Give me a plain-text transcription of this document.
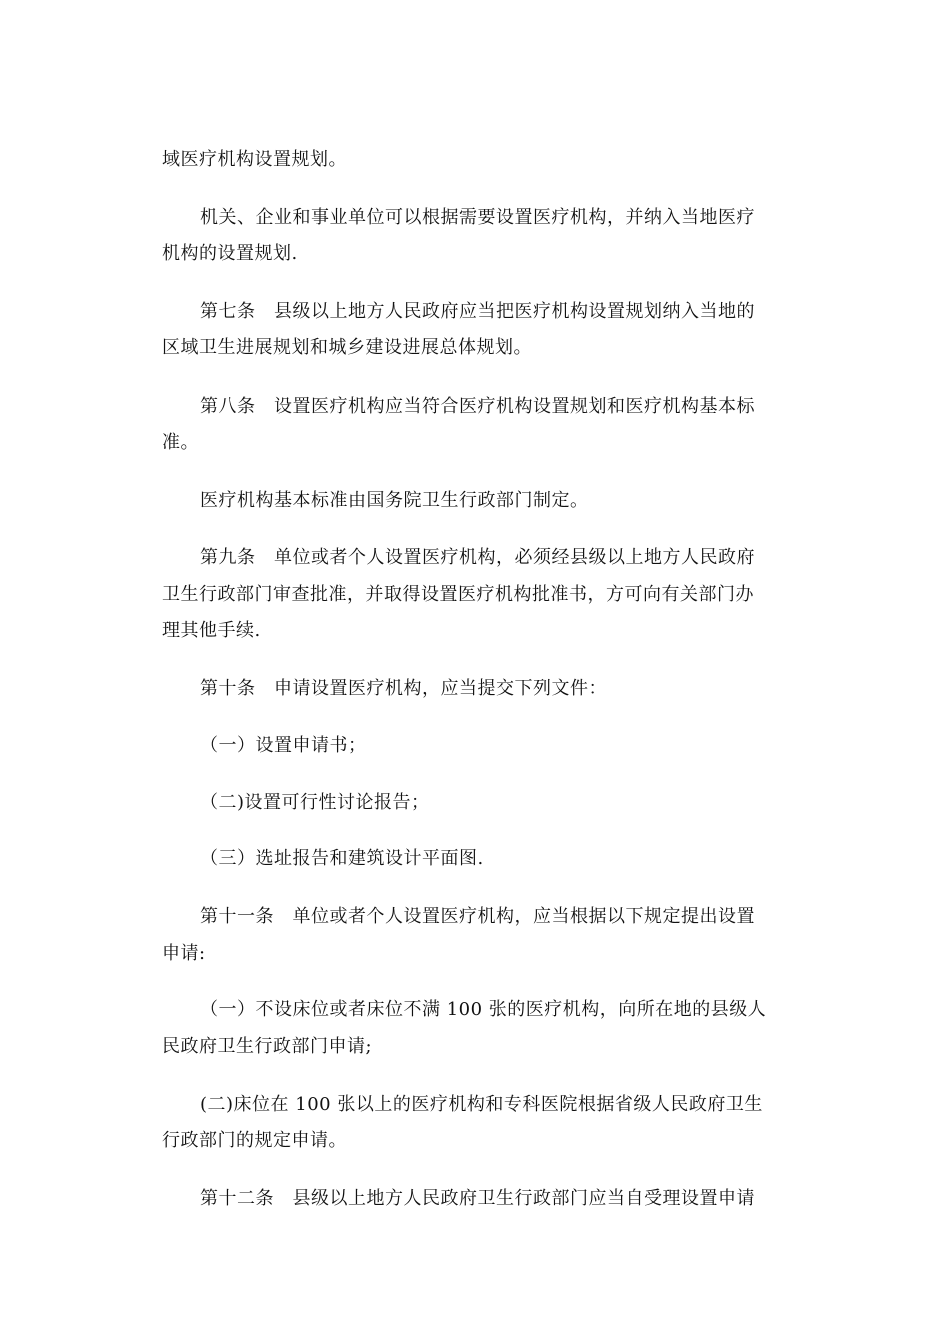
域医疗机构设置规划。
机关、企业和事业单位可以根据需要设置医疗机构，并纳入当地医疗
机构的设置规划.
第七条　县级以上地方人民政府应当把医疗机构设置规划纳入当地的
区域卫生进展规划和城乡建设进展总体规划。
第八条　设置医疗机构应当符合医疗机构设置规划和医疗机构基本标
准。
医疗机构基本标准由国务院卫生行政部门制定。
第九条　单位或者个人设置医疗机构，必须经县级以上地方人民政府
卫生行政部门审查批准，并取得设置医疗机构批准书，方可向有关部门办
理其他手续.
第十条　申请设置医疗机构，应当提交下列文件：
（一）设置申请书；
（二)设置可行性讨论报告；
（三）选址报告和建筑设计平面图.
第十一条　单位或者个人设置医疗机构，应当根据以下规定提出设置
申请:
（一）不设床位或者床位不满 100 张的医疗机构，向所在地的县级人
民政府卫生行政部门申请;
(二)床位在 100 张以上的医疗机构和专科医院根据省级人民政府卫生
行政部门的规定申请。
第十二条　县级以上地方人民政府卫生行政部门应当自受理设置申请
